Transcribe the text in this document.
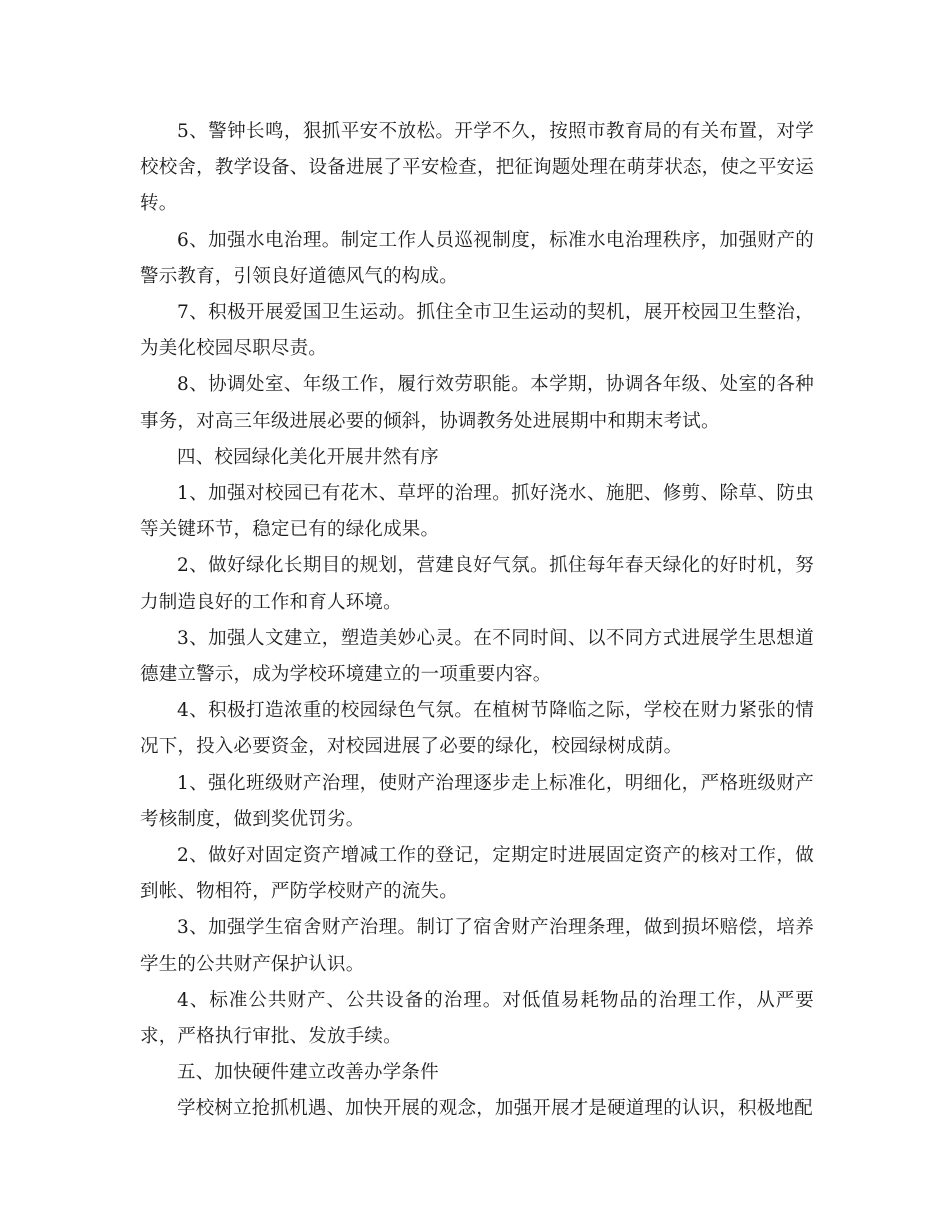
5、警钟长鸣，狠抓平安不放松。开学不久，按照市教育局的有关布置，对学校校舍，教学设备、设备进展了平安检查，把征询题处理在萌芽状态，使之平安运转。

6、加强水电治理。制定工作人员巡视制度，标准水电治理秩序，加强财产的警示教育，引领良好道德风气的构成。

7、积极开展爱国卫生运动。抓住全市卫生运动的契机，展开校园卫生整治，为美化校园尽职尽责。

8、协调处室、年级工作，履行效劳职能。本学期，协调各年级、处室的各种事务，对高三年级进展必要的倾斜，协调教务处进展期中和期末考试。

四、校园绿化美化开展井然有序

1、加强对校园已有花木、草坪的治理。抓好浇水、施肥、修剪、除草、防虫等关键环节，稳定已有的绿化成果。

2、做好绿化长期目的规划，营建良好气氛。抓住每年春天绿化的好时机，努力制造良好的工作和育人环境。

3、加强人文建立，塑造美妙心灵。在不同时间、以不同方式进展学生思想道德建立警示，成为学校环境建立的一项重要内容。

4、积极打造浓重的校园绿色气氛。在植树节降临之际，学校在财力紧张的情况下，投入必要资金，对校园进展了必要的绿化，校园绿树成荫。

1、强化班级财产治理，使财产治理逐步走上标准化，明细化，严格班级财产考核制度，做到奖优罚劣。

2、做好对固定资产增减工作的登记，定期定时进展固定资产的核对工作，做到帐、物相符，严防学校财产的流失。

3、加强学生宿舍财产治理。制订了宿舍财产治理条理，做到损坏赔偿，培养学生的公共财产保护认识。

4、标准公共财产、公共设备的治理。对低值易耗物品的治理工作，从严要求，严格执行审批、发放手续。

五、加快硬件建立改善办学条件

学校树立抢抓机遇、加快开展的观念，加强开展才是硬道理的认识，积极地配
